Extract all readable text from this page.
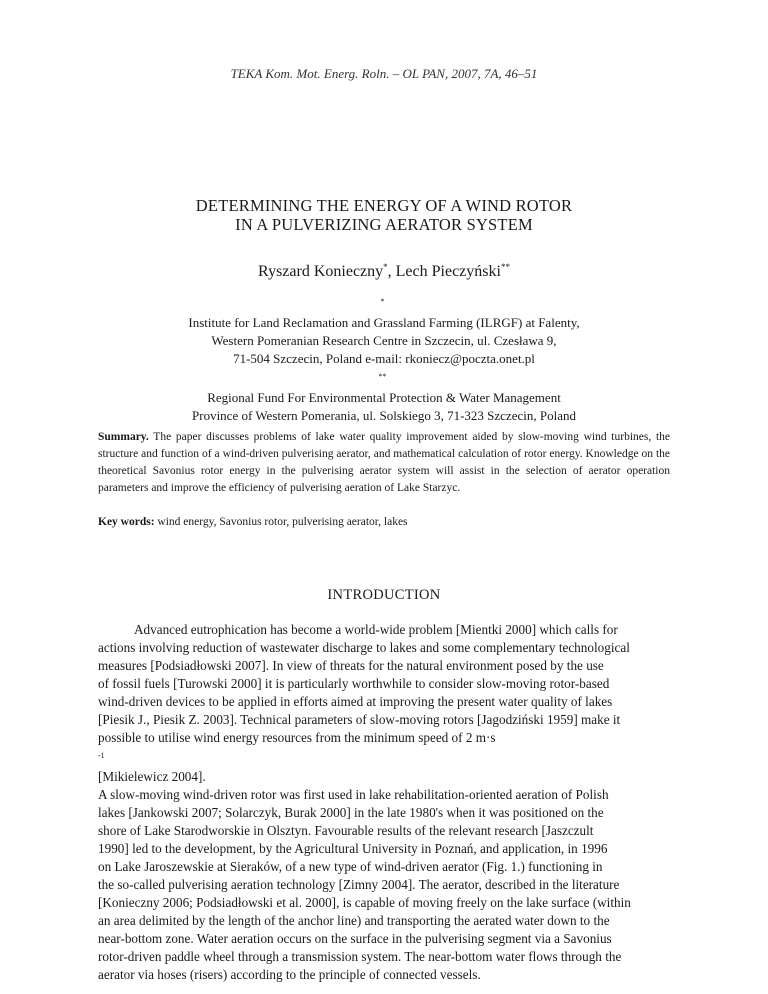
TEKA Kom. Mot. Energ. Roln. – OL PAN, 2007, 7A, 46–51
DETERMINING THE ENERGY OF A WIND ROTOR
IN A PULVERIZING AERATOR SYSTEM
Ryszard Konieczny*, Lech Pieczyński**
*
Institute for Land Reclamation and Grassland Farming (ILRGF) at Falenty,
Western Pomeranian Research Centre in Szczecin, ul. Czesława 9,
71-504 Szczecin, Poland e-mail: rkoniecz@poczta.onet.pl
**
Regional Fund For Environmental Protection & Water Management
Province of Western Pomerania, ul. Solskiego 3, 71-323 Szczecin, Poland
Summary. The paper discusses problems of lake water quality improvement aided by slow-moving wind turbines, the structure and function of a wind-driven pulverising aerator, and mathematical calculation of rotor energy. Knowledge on the theoretical Savonius rotor energy in the pulverising aerator system will assist in the selection of aerator operation parameters and improve the efficiency of pulverising aeration of Lake Starzyc.
Key words: wind energy, Savonius rotor, pulverising aerator, lakes
INTRODUCTION
Advanced eutrophication has become a world-wide problem [Mientki 2000] which calls for
actions involving reduction of wastewater discharge to lakes and some complementary technological
measures [Podsiadłowski 2007]. In view of threats for the natural environment posed by the use
of fossil fuels [Turowski 2000] it is particularly worthwhile to consider slow-moving rotor-based
wind-driven devices to be applied in efforts aimed at improving the present water quality of lakes
[Piesik J., Piesik Z. 2003]. Technical parameters of slow-moving rotors [Jagodziński 1959] make it
possible to utilise wind energy resources from the minimum speed of 2 m·s
$^{-1}$
[Mikielewicz 2004].
A slow-moving wind-driven rotor was first used in lake rehabilitation-oriented aeration of Polish
lakes [Jankowski 2007; Solarczyk, Burak 2000] in the late 1980's when it was positioned on the
shore of Lake Starodworskie in Olsztyn. Favourable results of the relevant research [Jaszczult
1990] led to the development, by the Agricultural University in Poznań, and application, in 1996
on Lake Jaroszewskie at Sieraków, of a new type of wind-driven aerator (Fig. 1.) functioning in
the so-called pulverising aeration technology [Zimny 2004]. The aerator, described in the literature
[Konieczny 2006; Podsiadłowski et al. 2000], is capable of moving freely on the lake surface (within
an area delimited by the length of the anchor line) and transporting the aerated water down to the
near-bottom zone. Water aeration occurs on the surface in the pulverising segment via a Savonius
rotor-driven paddle wheel through a transmission system. The near-bottom water flows through the
aerator via hoses (risers) according to the principle of connected vessels.
